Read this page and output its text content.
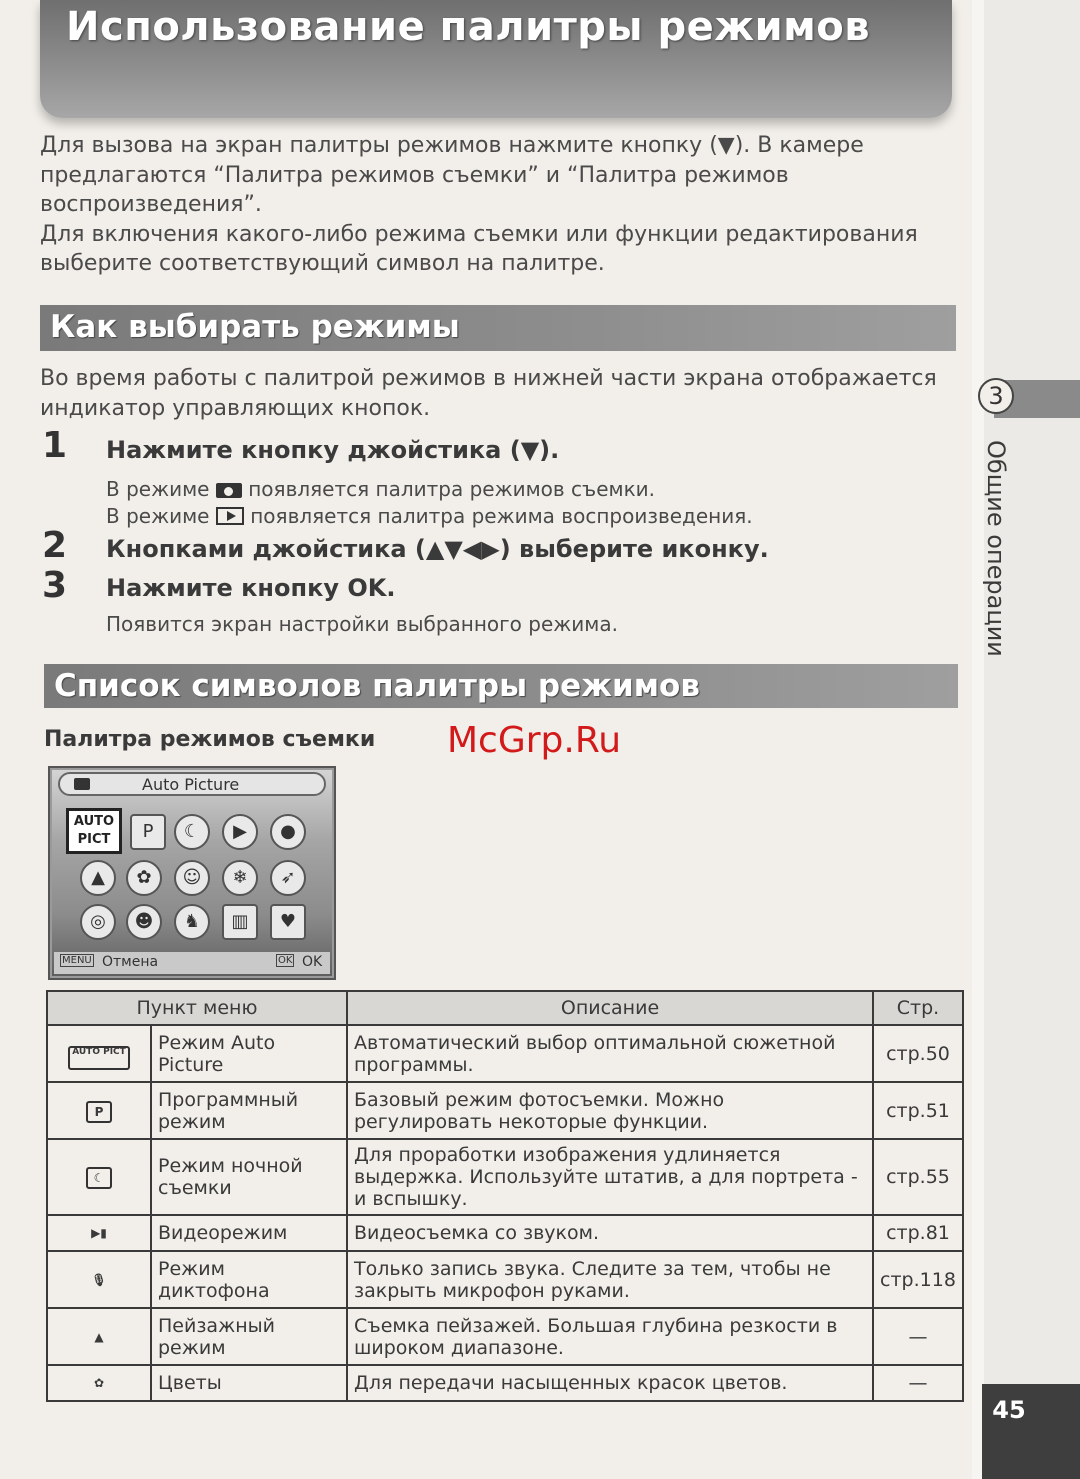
3
Общие операции
45
Использование палитры режимов
Для вызова на экран палитры режимов нажмите кнопку (▼). В камере
предлагаются “Палитра режимов съемки” и “Палитра режимов
воспроизведения”.
Для включения какого-либо режима съемки или функции редактирования
выберите соответствующий символ на палитре.
Как выбирать режимы
Во время работы с палитрой режимов в нижней части экрана отображается
индикатор управляющих кнопок.
1 Нажмите кнопку джойстика (▼).
В режиме появляется палитра режимов съемки.
В режиме появляется палитра режима воспроизведения.
2 Кнопками джойстика (▲▼◀▶) выберите иконку.
3 Нажмите кнопку OK.
Появится экран настройки выбранного режима.
Список символов палитры режимов
Палитра режимов съемки McGrp.Ru
Auto Picture
AUTO PICT	P	☾	▶	●
▲	✿	☺	❄	➶
◎	☻	♞	▥	♥
MENU Отмена	OK OK
Пункт меню		Описание	Стр.
AUTO PICT	Режим Auto Picture	Автоматический выбор оптимальной сюжетной программы.	стр.50
P	Программный режим	Базовый режим фотосъемки. Можно регулировать некоторые функции.	стр.51
☾	Режим ночной съемки	Для проработки изображения удлиняется выдержка. Используйте штатив, а для портрета - и вспышку.	стр.55
▶▮	Видеорежим	Видеосъемка со звуком.	стр.81
🎙	Режим диктофона	Только запись звука. Следите за тем, чтобы не закрыть микрофон руками.	стр.118
▲	Пейзажный режим	Съемка пейзажей. Большая глубина резкости в широком диапазоне.	—
✿	Цветы	Для передачи насыщенных красок цветов.	—
